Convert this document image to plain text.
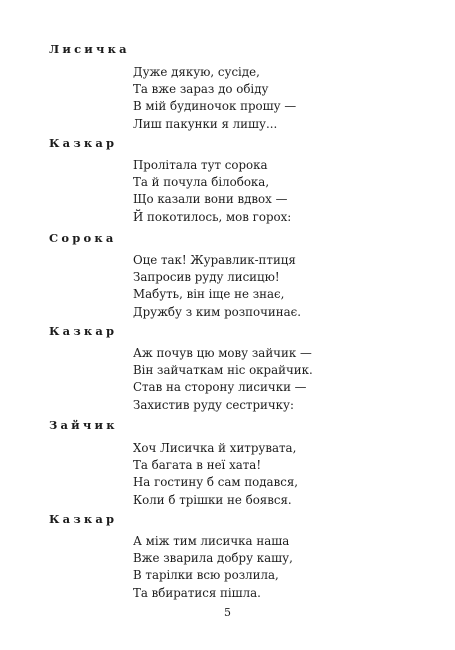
Лисичка
Дуже дякую, сусіде,
Та вже зараз до обіду
В мій будиночок прошу —
Лиш пакунки я лишу...
Казкар
Пролітала тут сорока
Та й почула білобока,
Що казали вони вдвох —
Й покотилось, мов горох:
Сорока
Оце так! Журавлик-птиця
Запросив руду лисицю!
Мабуть, він іще не знає,
Дружбу з ким розпочинає.
Казкар
Аж почув цю мову зайчик —
Він зайчаткам ніс окрайчик.
Став на сторону лисички —
Захистив руду сестричку:
Зайчик
Хоч Лисичка й хитрувата,
Та багата в неї хата!
На гостину б сам подався,
Коли б трішки не боявся.
Казкар
А між тим лисичка наша
Вже зварила добру кашу,
В тарілки всю розлила,
Та вбиратися пішла.
5
